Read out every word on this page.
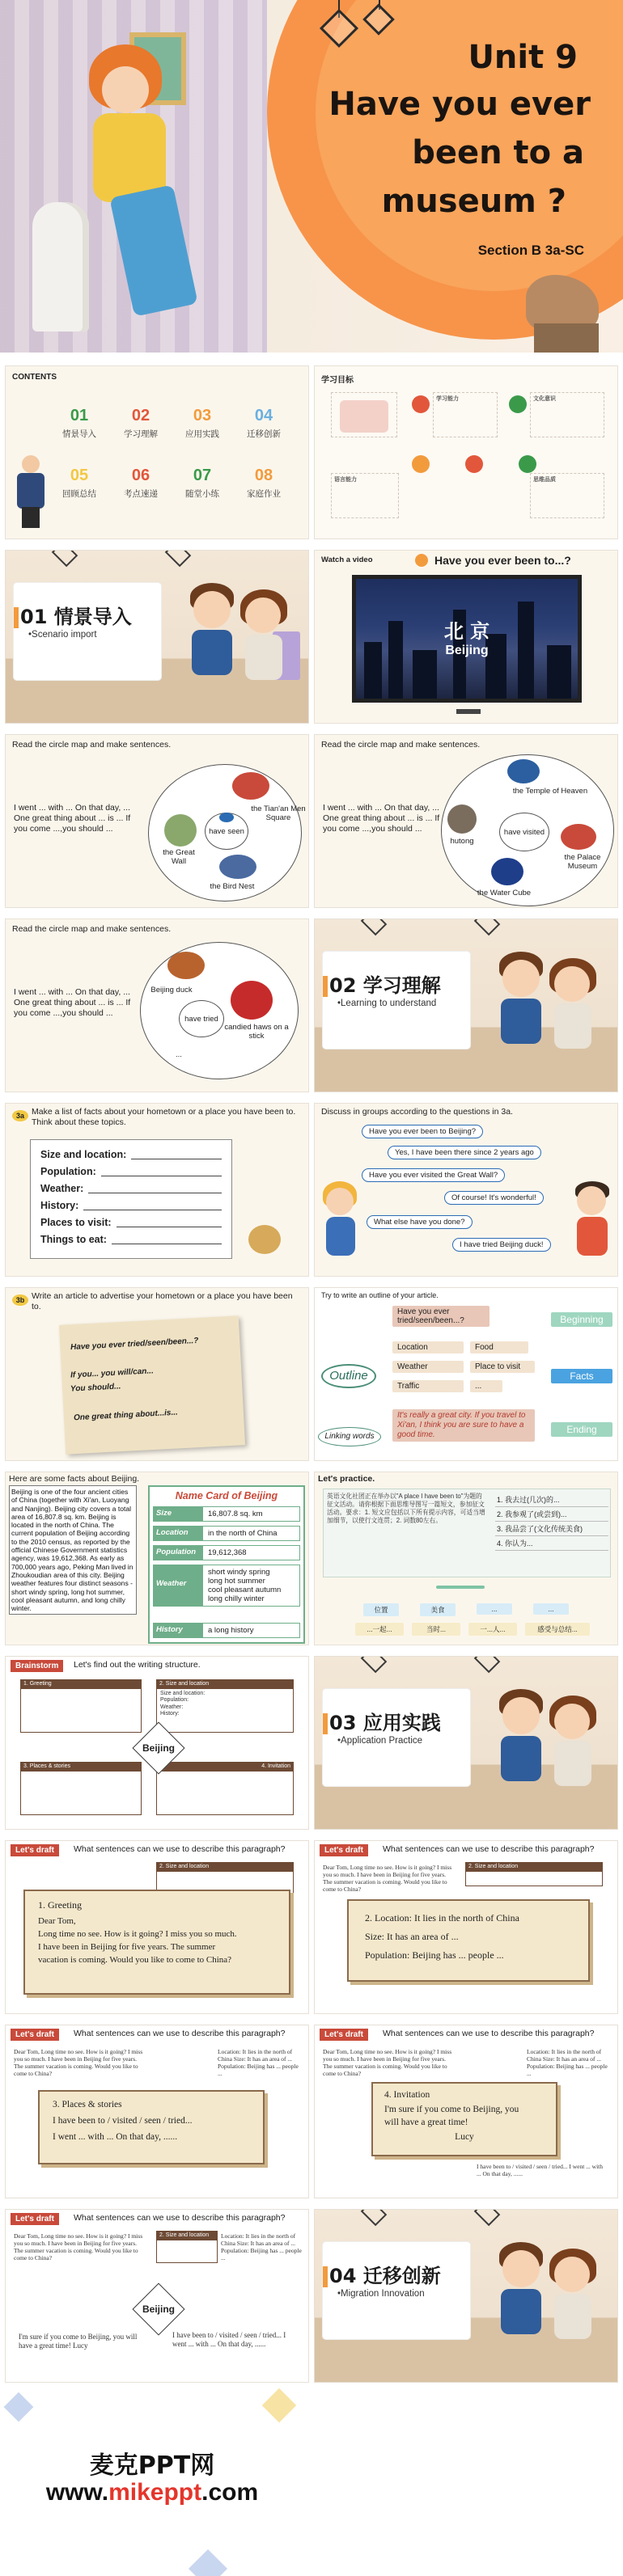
Unit 9
Have you ever
been to a
museum ?
Section B 3a-SC
CONTENTS
01
情景导入
02
学习理解
03
应用实践
04
迁移创新
05
回顾总结
06
考点速递
07
随堂小练
08
家庭作业
学习目标
学习能力	文化意识
语言能力	思维品质
01 情景导入
•Scenario import
Watch a video	Have you ever been to...?
北 京
Beijing
Read the circle map and make sentences.
I went ... with ... On that day, ... One great thing about ... is ... If you come ...,you should ...	have seen
the Tian'an Men Square
the Great Wall
the Bird Nest
Read the circle map and make sentences.
I went ... with ... On that day, ... One great thing about ... is ... If you come ...,you should ...	have visited
the Temple of Heaven
hutong
the Palace Museum
the Water Cube
Read the circle map and make sentences.
I went ... with ... On that day, ... One great thing about ... is ... If you come ...,you should ...
have tried
Beijing duck
candied haws on a stick
...
02 学习理解
•Learning to understand
3a Make a list of facts about your hometown or a place you have been to. Think about these topics.
Size and location:
Population:
Weather:
History:
Places to visit:
Things to eat:
Discuss in groups according to the questions in 3a.
Have you ever been to Beijing?
Yes, I have been there since 2 years ago
Have you ever visited the Great Wall?
Of course! It's wonderful!
What else have you done?
I have tried Beijing duck!
3b Write an article to advertise your hometown or a place you have been to.
Have you ever tried/seen/been...?
If you... you will/can...
You should...
One great thing about...is...
Try to write an outline of your article.
Outline
Linking words
Have you ever tried/seen/been...?
Location	Food
Weather	Place to visit
Traffic	...
It's really a great city. If you travel to Xi'an, I think you are sure to have a good time.
Beginning
Facts
Ending
Here are some facts about Beijing.
Beijing is one of the four ancient cities of China (together with Xi'an, Luoyang and Nanjing). Beijing city covers a total area of 16,807.8 sq. km. Beijing is located in the north of China. The current population of Beijing according to the 2010 census, as reported by the official Chinese Government statistics agency, was 19,612,368. As early as 700,000 years ago, Peking Man lived in Zhoukoudian area of this city. Beijing weather features four distinct seasons - short windy spring, long hot summer, cool pleasant autumn, and long chilly winter.
Name Card of Beijing
Size	16,807.8 sq. km
Location	in the north of China
Population	19,612,368
Weather
short windy spring
long hot summer
cool pleasant autumn
long chilly winter
History	a long history
Let's practice.
英语文化社团正在举办以"A place I have been to"为题的征文活动。请你根据下面思维导图写一篇短文，参加征文活动。要求：1. 短文应包括以下所有提示内容，可适当增加细节，以使行文连贯；2. 词数80左右。
1. 我去过(几次)的...
2. 我参观了(或尝到)...
3. 我品尝了(文化传统美食)
4. 你认为...
位置	美食	...	...
...一起...	当时...	一...人...	感受与总结...
Brainstorm	Let's find out the writing structure.
1. Greeting	2. Size and location
Size and location:
Population:
Weather:
History:
3. Places & stories	4. Invitation
Beijing
03 应用实践
•Application Practice
Let's draft	What sentences can we use to describe this paragraph?
2. Size and location
1. Greeting
Dear Tom,
Long time no see. How is it going? I miss you so much.
I have been in Beijing for five years. The summer
vacation is coming. Would you like to come to China?
Let's draft	What sentences can we use to describe this paragraph?
Dear Tom, Long time no see. How is it going? I miss you so much. I have been in Beijing for five years. The summer vacation is coming. Would you like to come to China?
2. Size and location
2. Location: It lies in the north of China
Size: It has an area of ...
Population: Beijing has ... people ...
Let's draft	What sentences can we use to describe this paragraph?
Dear Tom, Long time no see. How is it going? I miss you so much. I have been in Beijing for five years. The summer vacation is coming. Would you like to come to China?
Location: It lies in the north of China Size: It has an area of ... Population: Beijing has ... people ...
3. Places & stories
I have been to / visited / seen / tried...
I went ... with ... On that day, ......
Let's draft	What sentences can we use to describe this paragraph?
Dear Tom, Long time no see. How is it going? I miss you so much. I have been in Beijing for five years. The summer vacation is coming. Would you like to come to China?
Location: It lies in the north of China Size: It has an area of ... Population: Beijing has ... people ...
I have been to / visited / seen / tried... I went ... with ... On that day, ......
4. Invitation
I'm sure if you come to Beijing, you
will have a great time!
Lucy
Let's draft	What sentences can we use to describe this paragraph?
Dear Tom, Long time no see. How is it going? I miss you so much. I have been in Beijing for five years. The summer vacation is coming. Would you like to come to China?
2. Size and location	Location: It lies in the north of China Size: It has an area of ... Population: Beijing has ... people ...
Beijing
I'm sure if you come to Beijing, you will have a great time! Lucy
I have been to / visited / seen / tried... I went ... with ... On that day, ......
04 迁移创新
•Migration Innovation
麦克PPT网
www.mikeppt.com
